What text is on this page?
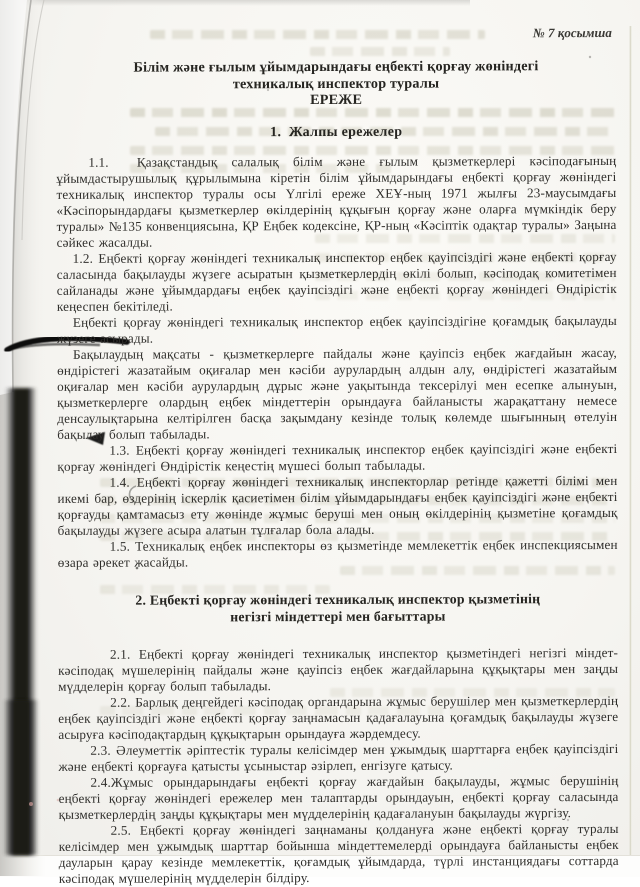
№ 7 қосымша
Білім және ғылым ұйымдарындағы еңбекті қорғау жөніндегі
техникалық инспектор туралы
ЕРЕЖЕ
1.  Жалпы ережелер

1.1.  Қазақстандық салалық білім және ғылым қызметкерлері кәсіподағының ұйымдастырушылық құрылымына кіретін білім ұйымдарындағы еңбекті қорғау жөніндегі техникалық инспектор туралы осы Үлгілі ереже ХЕҰ-ның 1971 жылғы 23-маусымдағы «Кәсіпорындардағы қызметкерлер өкілдерінің құқығын қорғау және оларға мүмкіндік беру туралы» №135 конвенциясына, ҚР Еңбек кодексіне, ҚР-ның «Кәсіптік одақтар туралы» Заңына сәйкес жасалды.

1.2. Еңбекті қорғау жөніндегі техникалық инспектор еңбек қауіпсіздігі және еңбекті қорғау саласында бақылауды жүзеге асыратын қызметкерлердің өкілі болып, кәсіподақ комитетімен сайланады және ұйымдардағы еңбек қауіпсіздігі және еңбекті қорғау жөніндегі Өндірістік кеңеспен бекітіледі.

Еңбекті қорғау жөніндегі техникалық инспектор еңбек қауіпсіздігіне қоғамдық бақылауды жүзеге асырады.

Бақылаудың мақсаты - қызметкерлерге пайдалы және қауіпсіз еңбек жағдайын жасау, өндірістегі жазатайым оқиғалар мен кәсіби аурулардың алдын алу, өндірістегі жазатайым оқиғалар мен кәсіби аурулардың дұрыс және уақытында тексерілуі мен есепке алынуын, қызметкерлерге олардың еңбек міндеттерін орындауға байланысты жарақаттану немесе денсаулықтарына келтірілген басқа зақымдану кезінде толық көлемде шығынның өтелуін бақылау болып табылады.

1.3. Еңбекті қорғау жөніндегі техникалық инспектор еңбек қауіпсіздігі және еңбекті қорғау жөніндегі Өндірістік кеңестің мүшесі болып табылады.

1.4. Еңбекті қорғау жөніндегі техникалық инспекторлар ретінде қажетті білімі мен икемі бар, өздерінің іскерлік қасиетімен білім ұйымдарындағы еңбек қауіпсіздігі және еңбекті қорғауды қамтамасыз ету жөнінде жұмыс беруші мен оның өкілдерінің қызметіне қоғамдық бақылауды жүзеге асыра алатын тұлғалар бола алады.

1.5. Техникалық еңбек инспекторы өз қызметінде мемлекеттік еңбек инспекциясымен өзара әрекет жасайды.

2. Еңбекті қорғау жөніндегі техникалық инспектор қызметінің
негізгі міндеттері мен бағыттары

2.1. Еңбекті қорғау жөніндегі техникалық инспектор қызметіндегі негізгі міндет- кәсіподақ мүшелерінің пайдалы және қауіпсіз еңбек жағдайларына құқықтары мен заңды мүдделерін қорғау болып табылады.

2.2. Барлық деңгейдегі кәсіподақ органдарына жұмыс берушілер мен қызметкерлердің еңбек қауіпсіздігі және еңбекті қорғау заңнамасын қадағалауына қоғамдық бақылауды жүзеге асыруға кәсіподақтардың құқықтарын орындауға жәрдемдесу.

2.3. Әлеуметтік әріптестік туралы келісімдер мен ұжымдық шарттарға еңбек қауіпсіздігі және еңбекті қорғауға қатысты ұсыныстар әзірлеп, енгізуге қатысу.

2.4.Жұмыс орындарындағы еңбекті қорғау жағдайын бақылауды, жұмыс берушінің еңбекті қорғау жөніндегі ережелер мен талаптарды орындауын, еңбекті қорғау саласында қызметкерлердің заңды құқықтары мен мүдделерінің қадағалануын бақылауды жүргізу.

2.5. Еңбекті қорғау жөніндегі заңнаманы қолдануға және еңбекті қорғау туралы келісімдер мен ұжымдық шарттар бойынша міндеттемелерді орындауға байланысты еңбек дауларын қарау кезінде мемлекеттік, қоғамдық ұйымдарда, түрлі инстанциядағы соттарда кәсіподақ мүшелерінің мүдделерін білдіру.
